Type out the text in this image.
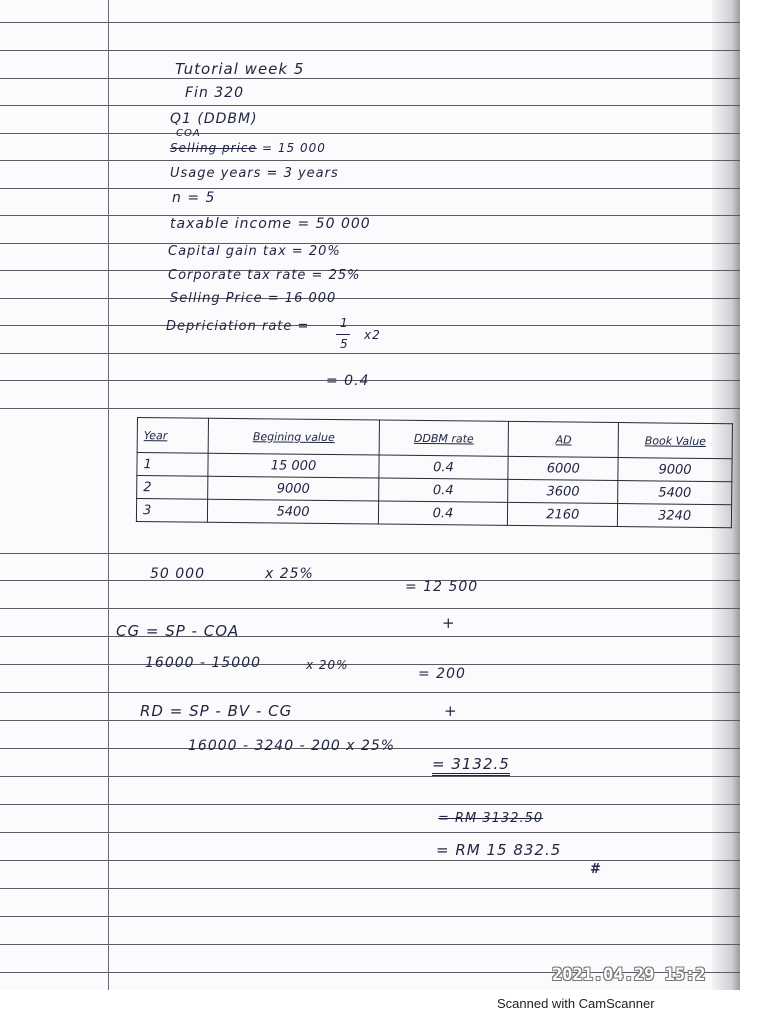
Tutorial week 5
Fin 320
Q1 (DDBM)
COA
Selling price = 15 000
Usage years = 3 years
n = 5
taxable income = 50 000
Capital gain tax = 20%
Corporate tax rate = 25%
Selling Price = 16 000
Depriciation rate =	1
5
x2
= 0.4
Year	Begining value	DDBM rate	AD	Book Value
1	15 000	0.4	6000	9000
2	9000	0.4	3600	5400
3	5400	0.4	2160	3240
50 000	x 25%
= 12 500
+
CG = SP - COA
16000 - 15000	x 20%
= 200
+
RD = SP - BV - CG
16000 - 3240 - 200 x 25%
= 3132.5
= RM 3132.50
= RM 15 832.5
#
2021.04.29 15:2
Scanned with CamScanner
